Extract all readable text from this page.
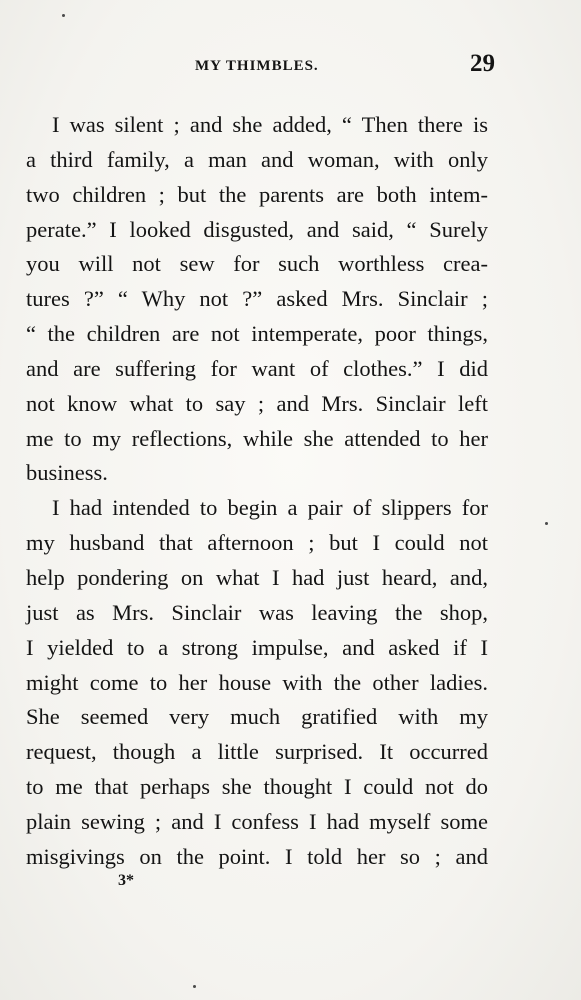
MY THIMBLES.	29
I was silent ; and she added, “ Then there is
a third family, a man and woman, with only
two children ; but the parents are both intem-
perate.” I looked disgusted, and said, “ Surely
you will not sew for such worthless crea-
tures ?” “ Why not ?” asked Mrs. Sinclair ;
“ the children are not intemperate, poor things,
and are suffering for want of clothes.” I did
not know what to say ; and Mrs. Sinclair left
me to my reflections, while she attended to her
business.
I had intended to begin a pair of slippers for
my husband that afternoon ; but I could not
help pondering on what I had just heard, and,
just as Mrs. Sinclair was leaving the shop,
I yielded to a strong impulse, and asked if I
might come to her house with the other ladies.
She seemed very much gratified with my
request, though a little surprised. It occurred
to me that perhaps she thought I could not do
plain sewing ; and I confess I had myself some
misgivings on the point. I told her so ; and
3*
